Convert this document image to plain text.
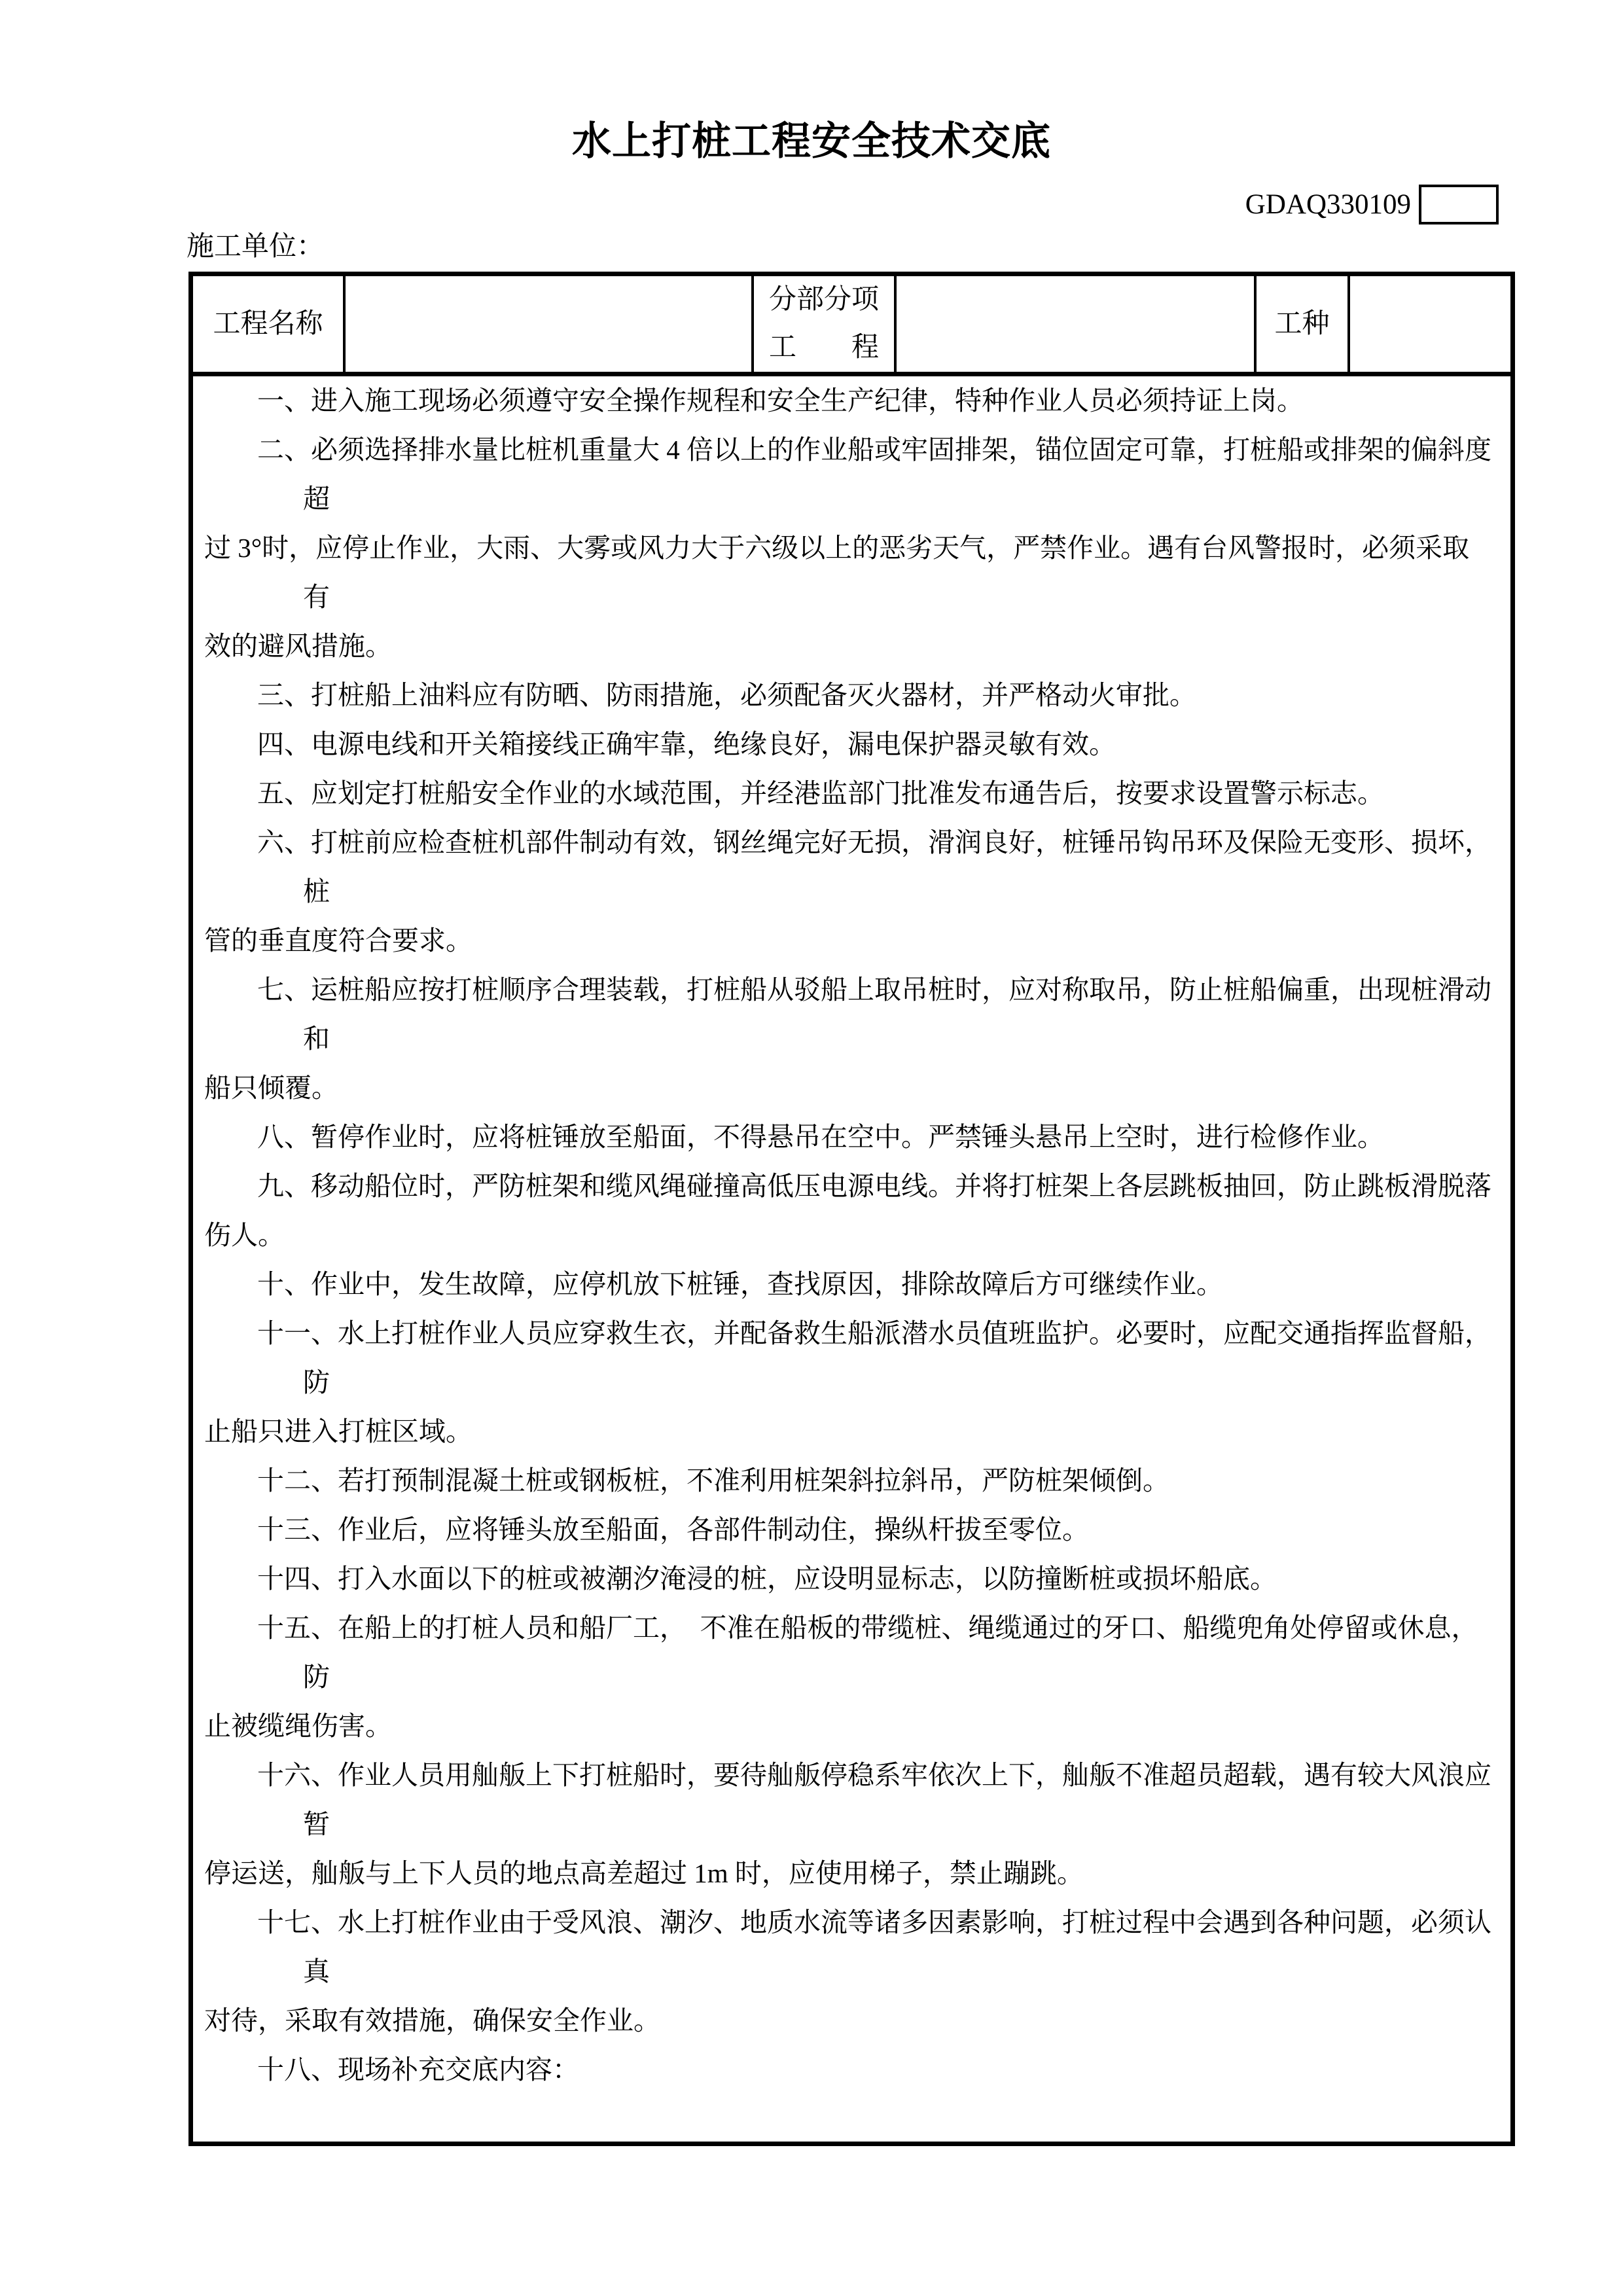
水上打桩工程安全技术交底
GDAQ330109
施工单位：
工程名称
分部分项
工　　程
工种
一、进入施工现场必须遵守安全操作规程和安全生产纪律，特种作业人员必须持证上岗。
二、必须选择排水量比桩机重量大 4 倍以上的作业船或牢固排架，锚位固定可靠，打桩船或排架的偏斜度
超
过 3°时，应停止作业，大雨、大雾或风力大于六级以上的恶劣天气，严禁作业。遇有台风警报时，必须采取
有
效的避风措施。
三、打桩船上油料应有防晒、防雨措施，必须配备灭火器材，并严格动火审批。
四、电源电线和开关箱接线正确牢靠，绝缘良好，漏电保护器灵敏有效。
五、应划定打桩船安全作业的水域范围，并经港监部门批准发布通告后，按要求设置警示标志。
六、打桩前应检查桩机部件制动有效，钢丝绳完好无损，滑润良好，桩锤吊钩吊环及保险无变形、损坏，
桩
管的垂直度符合要求。
七、运桩船应按打桩顺序合理装载，打桩船从驳船上取吊桩时，应对称取吊，防止桩船偏重，出现桩滑动
和
船只倾覆。
八、暂停作业时，应将桩锤放至船面，不得悬吊在空中。严禁锤头悬吊上空时，进行检修作业。
九、移动船位时，严防桩架和缆风绳碰撞高低压电源电线。并将打桩架上各层跳板抽回，防止跳板滑脱落
伤人。
十、作业中，发生故障，应停机放下桩锤，查找原因，排除故障后方可继续作业。
十一、水上打桩作业人员应穿救生衣，并配备救生船派潜水员值班监护。必要时，应配交通指挥监督船，
防
止船只进入打桩区域。
十二、若打预制混凝土桩或钢板桩，不准利用桩架斜拉斜吊，严防桩架倾倒。
十三、作业后，应将锤头放至船面，各部件制动住，操纵杆拔至零位。
十四、打入水面以下的桩或被潮汐淹浸的桩，应设明显标志，以防撞断桩或损坏船底。
十五、在船上的打桩人员和船厂工，　不准在船板的带缆桩、绳缆通过的牙口、船缆兜角处停留或休息，
防
止被缆绳伤害。
十六、作业人员用舢舨上下打桩船时，要待舢舨停稳系牢依次上下，舢舨不准超员超载，遇有较大风浪应
暂
停运送，舢舨与上下人员的地点高差超过 1m 时，应使用梯子，禁止蹦跳。
十七、水上打桩作业由于受风浪、潮汐、地质水流等诸多因素影响，打桩过程中会遇到各种问题，必须认
真
对待，采取有效措施，确保安全作业。
十八、现场补充交底内容：
